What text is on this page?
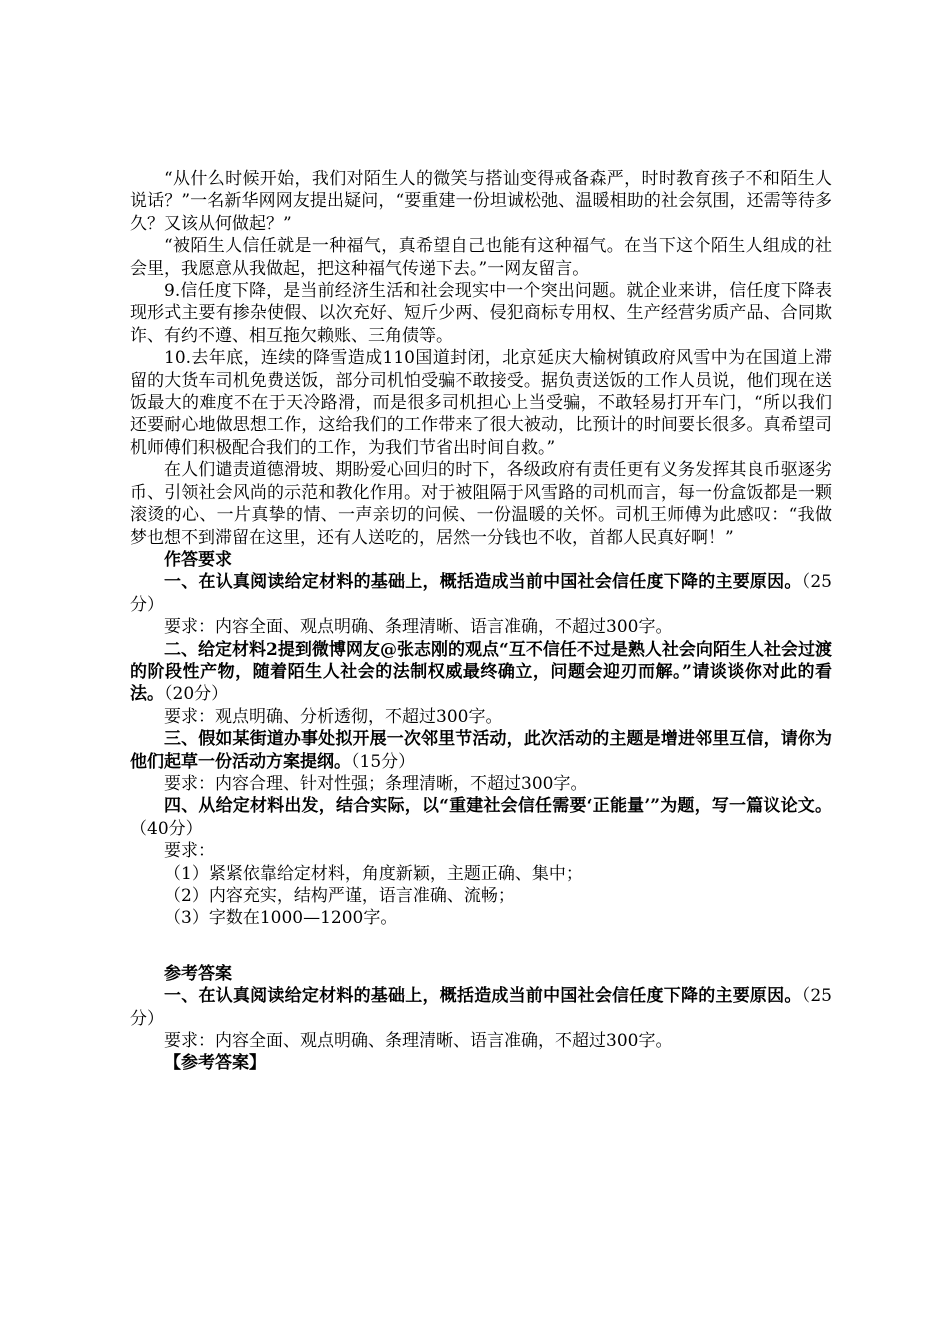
“从什么时候开始，我们对陌生人的微笑与搭讪变得戒备森严，时时教育孩子不和陌生人说话？”一名新华网网友提出疑问，“要重建一份坦诚松弛、温暖相助的社会氛围，还需等待多久？又该从何做起？”

“被陌生人信任就是一种福气，真希望自己也能有这种福气。在当下这个陌生人组成的社会里，我愿意从我做起，把这种福气传递下去。”一网友留言。

9.信任度下降，是当前经济生活和社会现实中一个突出问题。就企业来讲，信任度下降表现形式主要有掺杂使假、以次充好、短斤少两、侵犯商标专用权、生产经营劣质产品、合同欺诈、有约不遵、相互拖欠赖账、三角债等。

10.去年底，连续的降雪造成110国道封闭，北京延庆大榆树镇政府风雪中为在国道上滞留的大货车司机免费送饭，部分司机怕受骗不敢接受。据负责送饭的工作人员说，他们现在送饭最大的难度不在于天冷路滑，而是很多司机担心上当受骗，不敢轻易打开车门，“所以我们还要耐心地做思想工作，这给我们的工作带来了很大被动，比预计的时间要长很多。真希望司机师傅们积极配合我们的工作，为我们节省出时间自救。”

在人们谴责道德滑坡、期盼爱心回归的时下，各级政府有责任更有义务发挥其良币驱逐劣币、引领社会风尚的示范和教化作用。对于被阻隔于风雪路的司机而言，每一份盒饭都是一颗滚烫的心、一片真挚的情、一声亲切的问候、一份温暖的关怀。司机王师傅为此感叹：“我做梦也想不到滞留在这里，还有人送吃的，居然一分钱也不收，首都人民真好啊！”

作答要求

一、在认真阅读给定材料的基础上，概括造成当前中国社会信任度下降的主要原因。（25分）

要求：内容全面、观点明确、条理清晰、语言准确，不超过300字。

二、给定材料2提到微博网友@张志刚的观点“互不信任不过是熟人社会向陌生人社会过渡的阶段性产物，随着陌生人社会的法制权威最终确立，问题会迎刃而解。”请谈谈你对此的看法。（20分）

要求：观点明确、分析透彻，不超过300字。

三、假如某街道办事处拟开展一次邻里节活动，此次活动的主题是增进邻里互信，请你为他们起草一份活动方案提纲。（15分）

要求：内容合理、针对性强；条理清晰，不超过300字。

四、从给定材料出发，结合实际，以“重建社会信任需要‘正能量’”为题，写一篇议论文。（40分）

要求：

（1）紧紧依靠给定材料，角度新颖，主题正确、集中；

（2）内容充实，结构严谨，语言准确、流畅；

（3）字数在1000—1200字。

参考答案

一、在认真阅读给定材料的基础上，概括造成当前中国社会信任度下降的主要原因。（25分）

要求：内容全面、观点明确、条理清晰、语言准确，不超过300字。

【参考答案】
